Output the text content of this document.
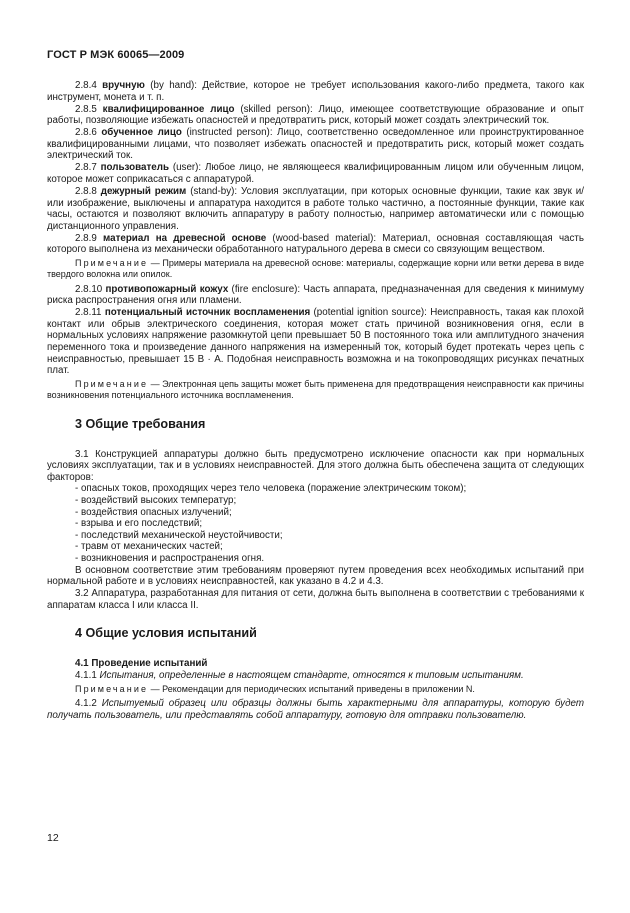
ГОСТ Р МЭК 60065—2009

2.8.4 вручную (by hand): Действие, которое не требует использования какого-либо предмета, такого как инструмент, монета и т. п.

2.8.5 квалифицированное лицо (skilled person): Лицо, имеющее соответствующие образование и опыт работы, позволяющие избежать опасностей и предотвратить риск, который может создать электрический ток.

2.8.6 обученное лицо (instructed person): Лицо, соответственно осведомленное или проинструктированное квалифицированными лицами, что позволяет избежать опасностей и предотвратить риск, который может создать электрический ток.

2.8.7 пользователь (user): Любое лицо, не являющееся квалифицированным лицом или обученным лицом, которое может соприкасаться с аппаратурой.

2.8.8 дежурный режим (stand-by): Условия эксплуатации, при которых основные функции, такие как звук и/или изображение, выключены и аппаратура находится в работе только частично, а постоянные функции, такие как часы, остаются и позволяют включить аппаратуру в работу полностью, например автоматически или с помощью дистанционного управления.

2.8.9 материал на древесной основе (wood-based material): Материал, основная составляющая часть которого выполнена из механически обработанного натурального дерева в смеси со связующим веществом.

Примечание — Примеры материала на древесной основе: материалы, содержащие корни или ветки дерева в виде твердого волокна или опилок.

2.8.10 противопожарный кожух (fire enclosure): Часть аппарата, предназначенная для сведения к минимуму риска распространения огня или пламени.

2.8.11 потенциальный источник воспламенения (potential ignition source): Неисправность, такая как плохой контакт или обрыв электрического соединения, которая может стать причиной возникновения огня, если в нормальных условиях напряжение разомкнутой цепи превышает 50 В постоянного тока или амплитудного значения переменного тока и произведение данного напряжения на измеренный ток, который будет протекать через цепь с неисправностью, превышает 15 В · А. Подобная неисправность возможна и на токопроводящих рисунках печатных плат.

Примечание — Электронная цепь защиты может быть применена для предотвращения неисправности как причины возникновения потенциального источника воспламенения.

3 Общие требования

3.1 Конструкцией аппаратуры должно быть предусмотрено исключение опасности как при нормальных условиях эксплуатации, так и в условиях неисправностей. Для этого должна быть обеспечена защита от следующих факторов:

- опасных токов, проходящих через тело человека (поражение электрическим током);
- воздействий высоких температур;
- воздействия опасных излучений;
- взрыва и его последствий;
- последствий механической неустойчивости;
- травм от механических частей;
- возникновения и распространения огня.

В основном соответствие этим требованиям проверяют путем проведения всех необходимых испытаний при нормальной работе и в условиях неисправностей, как указано в 4.2 и 4.3.

3.2 Аппаратура, разработанная для питания от сети, должна быть выполнена в соответствии с требованиями к аппаратам класса I или класса II.

4 Общие условия испытаний

4.1 Проведение испытаний

4.1.1 Испытания, определенные в настоящем стандарте, относятся к типовым испытаниям.

Примечание — Рекомендации для периодических испытаний приведены в приложении N.

4.1.2 Испытуемый образец или образцы должны быть характерными для аппаратуры, которую будет получать пользователь, или представлять собой аппаратуру, готовую для отправки пользователю.

12
